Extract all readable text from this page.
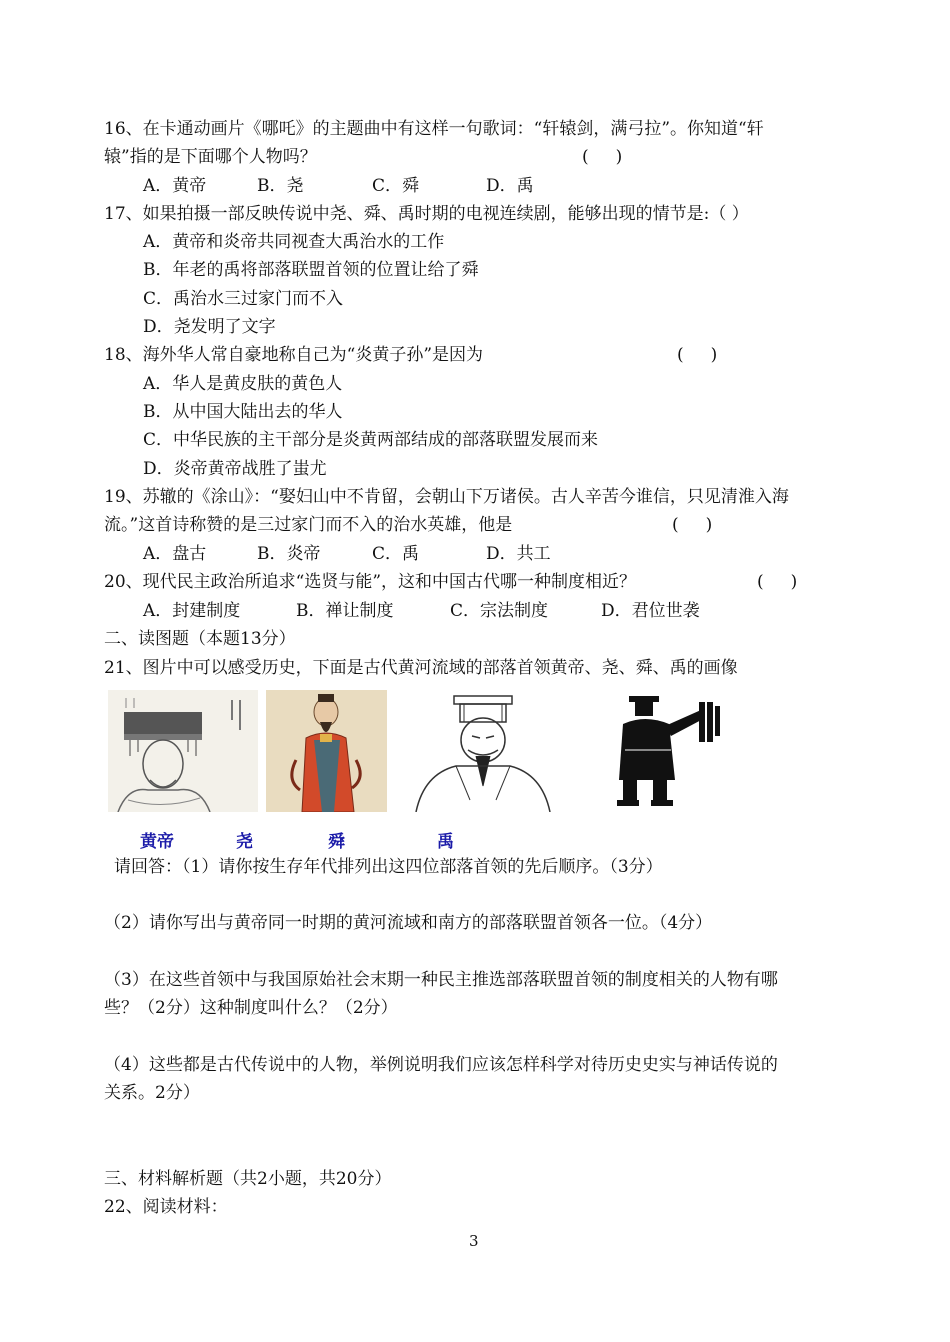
16、在卡通动画片《哪吒》的主题曲中有这样一句歌词：“轩辕剑，满弓拉”。你知道“轩
辕”指的是下面哪个人物吗？	(     )
A．黄帝	B．尧	C．舜	D．禹
17、如果拍摄一部反映传说中尧、舜、禹时期的电视连续剧，能够出现的情节是:（ ）
A．黄帝和炎帝共同视查大禹治水的工作
B．年老的禹将部落联盟首领的位置让给了舜
C．禹治水三过家门而不入
D．尧发明了文字
18、海外华人常自豪地称自己为“炎黄子孙”是因为	(     )
A．华人是黄皮肤的黄色人
B．从中国大陆出去的华人
C．中华民族的主干部分是炎黄两部结成的部落联盟发展而来
D．炎帝黄帝战胜了蚩尤
19、苏辙的《涂山》：“娶妇山中不肯留，会朝山下万诸侯。古人辛苦今谁信，只见清淮入海
流。”这首诗称赞的是三过家门而不入的治水英雄，他是	(     )
A．盘古	B．炎帝	C．禹	D．共工
20、现代民主政治所追求“选贤与能”，这和中国古代哪一种制度相近？	(     )
A．封建制度	B．禅让制度	C．宗法制度	D．君位世袭
二、读图题（本题13分）
21、图片中可以感受历史，下面是古代黄河流域的部落首领黄帝、尧、舜、禹的画像
黄帝	尧	舜	禹
请回答：（1）请你按生存年代排列出这四位部落首领的先后顺序。（3分）
（2）请你写出与黄帝同一时期的黄河流域和南方的部落联盟首领各一位。（4分）
（3）在这些首领中与我国原始社会末期一种民主推选部落联盟首领的制度相关的人物有哪
些？（2分）这种制度叫什么？（2分）
（4）这些都是古代传说中的人物，举例说明我们应该怎样科学对待历史史实与神话传说的
关系。2分）
三、材料解析题（共2小题，共20分）
22、阅读材料：
3
